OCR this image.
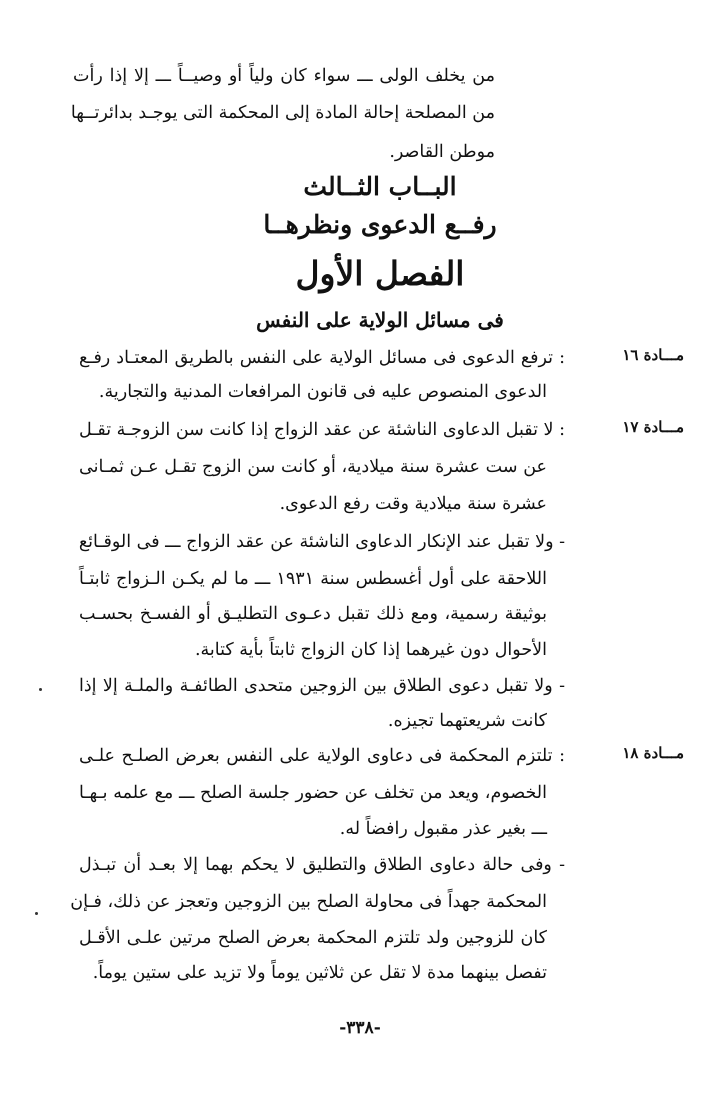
من يخلف الولى ـــ سواء كان ولياً أو وصيــاً ـــ إلا إذا رأت
من المصلحة إحالة المادة إلى المحكمة التى يوجـد بدائرتــها
موطن القاصر.
البــاب الثــالث
رفــع الدعوى ونظرهــا
الفصل الأول
فى مسائل الولاية على النفس
مـــادة ١٦
: ترفع الدعوى فى مسائل الولاية على النفس بالطريق المعتـاد رفـع
الدعوى المنصوص عليه فى قانون المرافعات المدنية والتجارية.
مـــادة ١٧
: لا تقبل الدعاوى الناشئة عن عقد الزواج إذا كانت سن الزوجـة تقـل
عن ست عشرة سنة ميلادية، أو كانت سن الزوج تقـل عـن ثمـانى
عشرة سنة ميلادية وقت رفع الدعوى.
- ولا تقبل عند الإنكار الدعاوى الناشئة عن عقد الزواج ـــ فى الوقـائع
اللاحقة على أول أغسطس سنة ١٩٣١ ـــ ما لم يكـن الـزواج ثابتـاً
بوثيقة رسمية، ومع ذلك تقبل دعـوى التطليـق أو الفسـخ بحسـب
الأحوال دون غيرهما إذا كان الزواج ثابتاً بأية كتابة.
- ولا تقبل دعوى الطلاق بين الزوجين متحدى الطائفـة والملـة إلا إذا
كانت شريعتهما تجيزه.
مـــادة ١٨
: تلتزم المحكمة فى دعاوى الولاية على النفس بعرض الصلـح علـى
الخصوم، ويعد من تخلف عن حضور جلسة الصلح ـــ مع علمه بـهـا
ـــ بغير عذر مقبول رافضاً له.
- وفى حالة دعاوى الطلاق والتطليق لا يحكم بهما إلا بعـد أن تبـذل
المحكمة جهداً فى محاولة الصلح بين الزوجين وتعجز عن ذلك، فـإن
كان للزوجين ولد تلتزم المحكمة بعرض الصلح مرتين علـى الأقـل
تفصل بينهما مدة لا تقل عن ثلاثين يوماً ولا تزيد على ستين يوماً.
-٣٣٨-
